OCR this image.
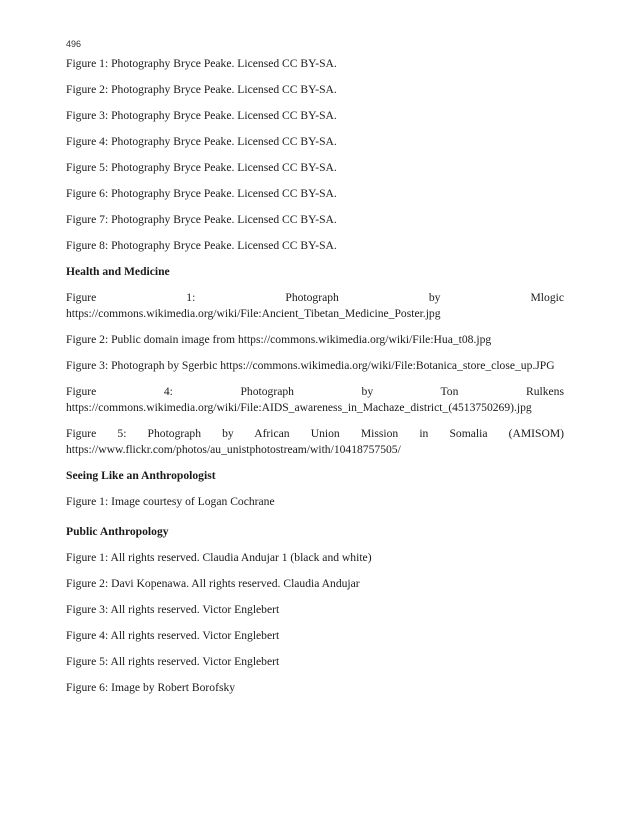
496

Figure 1: Photography Bryce Peake. Licensed CC BY-SA.

Figure 2: Photography Bryce Peake. Licensed CC BY-SA.

Figure 3: Photography Bryce Peake. Licensed CC BY-SA.

Figure 4: Photography Bryce Peake. Licensed CC BY-SA.

Figure 5: Photography Bryce Peake. Licensed CC BY-SA.

Figure 6: Photography Bryce Peake. Licensed CC BY-SA.

Figure 7: Photography Bryce Peake. Licensed CC BY-SA.

Figure 8: Photography Bryce Peake. Licensed CC BY-SA.

Health and Medicine

Figure 1: Photograph by Mlogic https://commons.wikimedia.org/wiki/File:Ancient_Tibetan_Medicine_Poster.jpg

Figure 2: Public domain image from https://commons.wikimedia.org/wiki/File:Hua_t08.jpg

Figure 3: Photograph by Sgerbic https://commons.wikimedia.org/wiki/File:Botanica_store_close_up.JPG

Figure 4: Photograph by Ton Rulkens https://commons.wikimedia.org/wiki/File:AIDS_awareness_in_Machaze_district_(4513750269).jpg

Figure 5: Photograph by African Union Mission in Somalia (AMISOM) https://www.flickr.com/photos/au_unistphotostream/with/10418757505/

Seeing Like an Anthropologist

Figure 1: Image courtesy of Logan Cochrane

Public Anthropology

Figure 1: All rights reserved. Claudia Andujar 1 (black and white)

Figure 2: Davi Kopenawa. All rights reserved. Claudia Andujar

Figure 3: All rights reserved. Victor Englebert

Figure 4: All rights reserved. Victor Englebert

Figure 5: All rights reserved. Victor Englebert

Figure 6: Image by Robert Borofsky
